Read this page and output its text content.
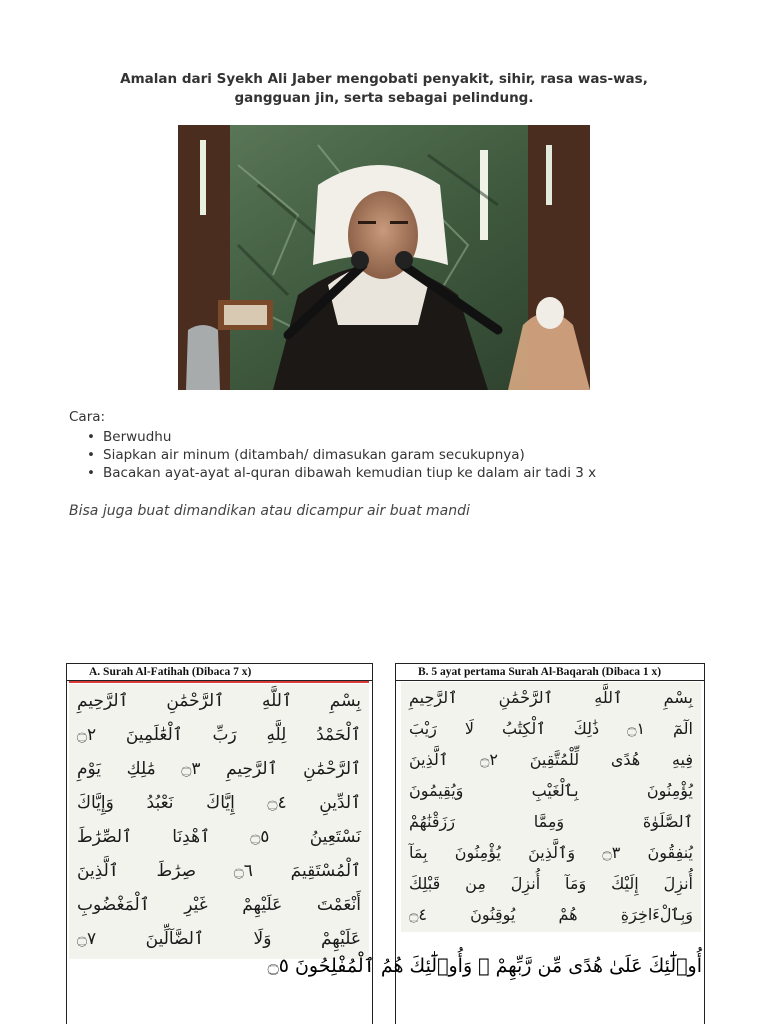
Amalan dari Syekh Ali Jaber mengobati penyakit, sihir, rasa was-was,
gangguan jin, serta sebagai pelindung.
Cara:
• Berwudhu
• Siapkan air minum (ditambah/ dimasukan garam secukupnya)
• Bacakan ayat-ayat al-quran dibawah kemudian tiup ke dalam air tadi 3 x
Bisa juga buat dimandikan atau dicampur air buat mandi
A. Surah Al-Fatihah (Dibaca 7 x)
بِسْمِ ٱللَّهِ ٱلرَّحْمَٰنِ ٱلرَّحِيمِ
ٱلْحَمْدُ لِلَّهِ رَبِّ ٱلْعَٰلَمِينَ ۝٢
ٱلرَّحْمَٰنِ ٱلرَّحِيمِ ۝٣ مَٰلِكِ يَوْمِ
ٱلدِّينِ ۝٤ إِيَّاكَ نَعْبُدُ وَإِيَّاكَ
نَسْتَعِينُ ۝٥ ٱهْدِنَا ٱلصِّرَٰطَ
ٱلْمُسْتَقِيمَ ۝٦ صِرَٰطَ ٱلَّذِينَ
أَنْعَمْتَ عَلَيْهِمْ غَيْرِ ٱلْمَغْضُوبِ
عَلَيْهِمْ وَلَا ٱلضَّآلِّينَ ۝٧
B. 5 ayat pertama Surah Al-Baqarah (Dibaca 1 x)
بِسْمِ ٱللَّهِ ٱلرَّحْمَٰنِ ٱلرَّحِيمِ
الٓمٓ ۝١ ذَٰلِكَ ٱلْكِتَٰبُ لَا رَيْبَ
فِيهِ هُدًى لِّلْمُتَّقِينَ ۝٢ ٱلَّذِينَ
يُؤْمِنُونَ بِٱلْغَيْبِ وَيُقِيمُونَ
ٱلصَّلَوٰةَ وَمِمَّا رَزَقْنَٰهُمْ
يُنفِقُونَ ۝٣ وَٱلَّذِينَ يُؤْمِنُونَ بِمَآ
أُنزِلَ إِلَيْكَ وَمَآ أُنزِلَ مِن قَبْلِكَ
وَبِٱلْءَاخِرَةِ هُمْ يُوقِنُونَ ۝٤
أُو۟لَٰٓئِكَ عَلَىٰ هُدًى مِّن رَّبِّهِمْ ۖ وَأُو۟لَٰٓئِكَ هُمُ ٱلْمُفْلِحُونَ ۝٥
